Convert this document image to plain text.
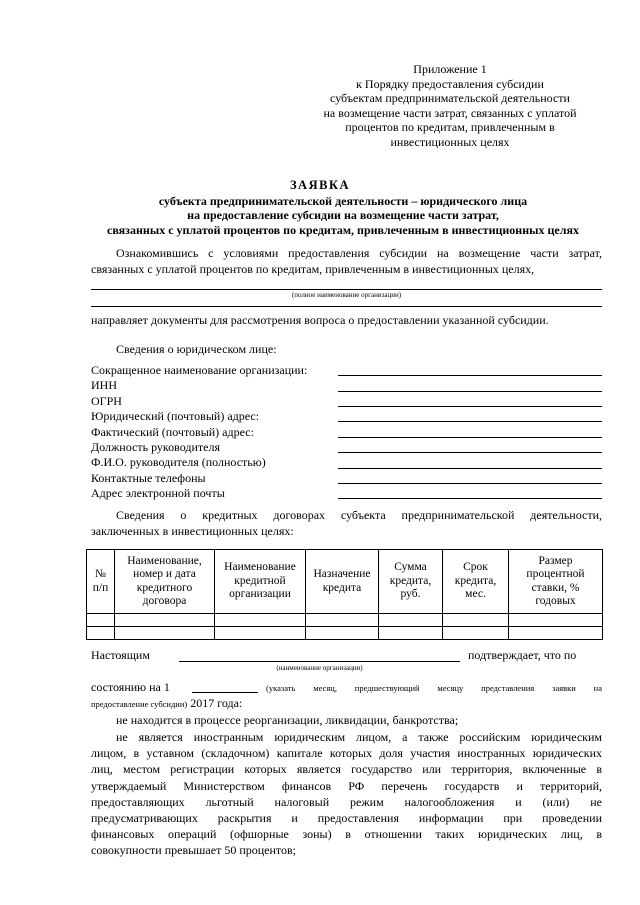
Приложение 1
к Порядку предоставления субсидии
субъектам предпринимательской деятельности
на возмещение части затрат, связанных с уплатой
процентов по кредитам, привлеченным в
инвестиционных целях
ЗАЯВКА
субъекта предпринимательской деятельности – юридического лица
на предоставление субсидии на возмещение части затрат,
связанных с уплатой процентов по кредитам, привлеченным в инвестиционных целях
Ознакомившись с условиями предоставления субсидии на возмещение части затрат,
связанных с уплатой процентов по кредитам, привлеченным в инвестиционных целях,
(полное наименование организации)
направляет документы для рассмотрения вопроса о предоставлении указанной субсидии.
Сведения о юридическом лице:
Сокращенное наименование организации:
ИНН
ОГРН
Юридический (почтовый) адрес:
Фактический (почтовый) адрес:
Должность руководителя
Ф.И.О. руководителя (полностью)
Контактные телефоны
Адрес электронной почты
Сведения о кредитных договорах субъекта предпринимательской деятельности,
заключенных в инвестиционных целях:
№ п/п	Наименование, номер и дата кредитного договора	Наименование кредитной организации	Назначение кредита	Сумма кредита, руб.	Срок кредита, мес.	Размер процентной ставки, % годовых

Настоящим	подтверждает, что по
(наименование организации)
состоянию на 1	(указать месяц, предшествующий месяцу представления заявки на
предоставление субсидии) 2017 года:
не находится в процессе реорганизации, ликвидации, банкротства;
не является иностранным юридическим лицом, а также российским юридическим
лицом, в уставном (складочном) капитале которых доля участия иностранных юридических
лиц, местом регистрации которых является государство или территория, включенные в
утверждаемый Министерством финансов РФ перечень государств и территорий,
предоставляющих льготный налоговый режим налогообложения и (или) не
предусматривающих раскрытия и предоставления информации при проведении
финансовых операций (офшорные зоны) в отношении таких юридических лиц, в
совокупности превышает 50 процентов;
